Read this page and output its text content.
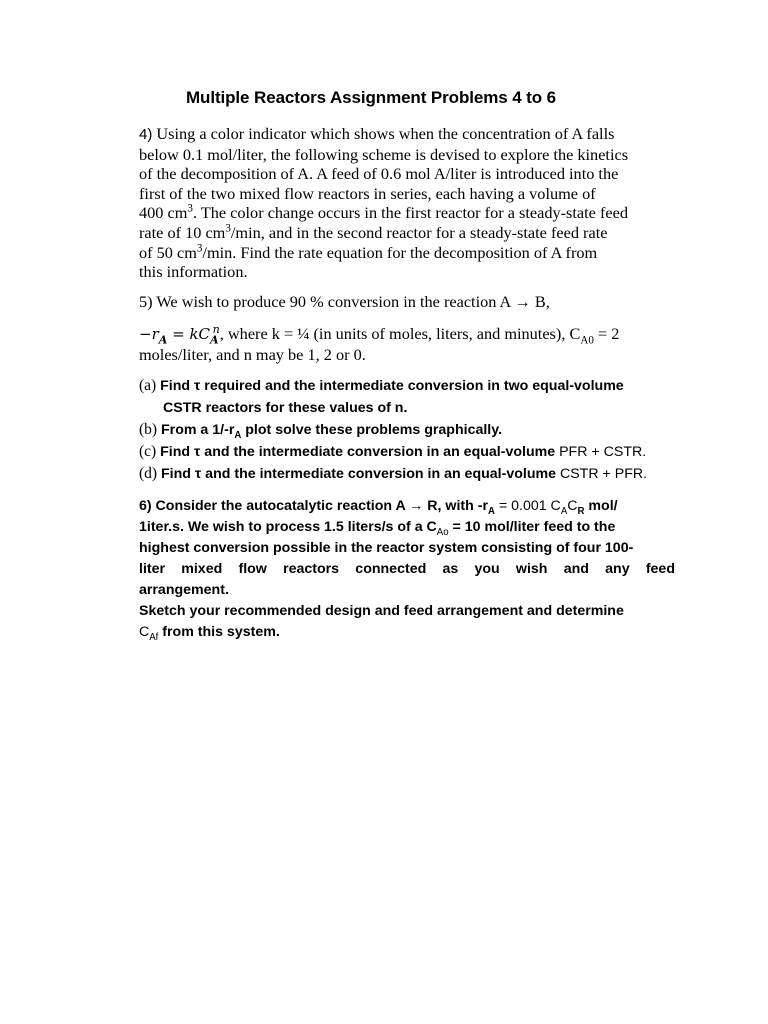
Multiple Reactors Assignment Problems 4 to 6
4) Using a color indicator which shows when the concentration of A falls
below 0.1 mol/liter, the following scheme is devised to explore the kinetics
of the decomposition of A. A feed of 0.6 mol A/liter is introduced into the
first of the two mixed flow reactors in series, each having a volume of
400 $cm^3$. The color change occurs in the first reactor for a steady-state feed
rate of 10 $cm^3/\min$, and in the second reactor for a steady-state feed rate
of 50 $cm^3/\min$. Find the rate equation for the decomposition of A from
this information.
5) We wish to produce 90 % conversion in the reaction A → B,
$-r_A = kC_A^n$, where k = ¼ (in units of moles, liters, and minutes), $C_{A0} = 2$
moles/liter, and n may be 1, 2 or 0.
(a) Find τ required and the intermediate conversion in two equal-volume
CSTR reactors for these values of n.
(b) From a $1/-r_A$ plot solve these problems graphically.
(c) Find τ and the intermediate conversion in an equal-volume PFR + CSTR.
(d) Find τ and the intermediate conversion in an equal-volume CSTR + PFR.
6) Consider the autocatalytic reaction A → R, with $-r_A = 0.001$ $C_AC_R$ mol/
1iter.s. We wish to process 1.5 liters/s of a $C_{Ao} = 10$ mol/liter feed to the
highest conversion possible in the reactor system consisting of four 100-
liter mixed flow reactors connected as you wish and any feed
arrangement.
Sketch your recommended design and feed arrangement and determine
$C_{Af}$ from this system.
